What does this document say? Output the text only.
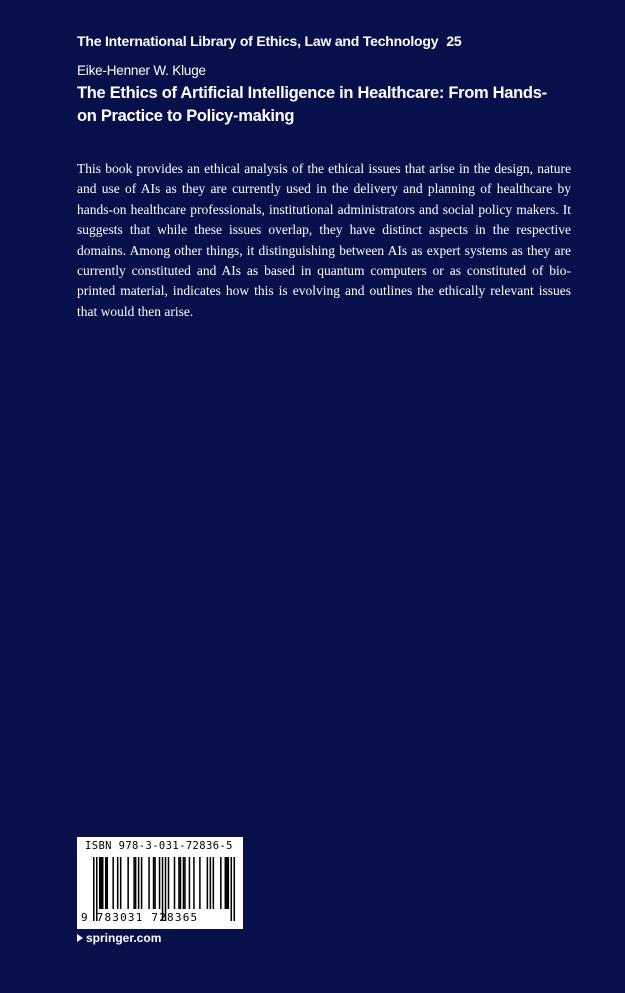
The International Library of Ethics, Law and Technology 25
Eike-Henner W. Kluge
The Ethics of Artificial Intelligence in Healthcare: From Hands-on Practice to Policy-making

This book provides an ethical analysis of the ethical issues that arise in the design, nature and use of AIs as they are currently used in the delivery and planning of healthcare by hands-on healthcare professionals, institutional administrators and social policy makers. It suggests that while these issues overlap, they have distinct aspects in the respective domains. Among other things, it distinguishing between AIs as expert systems as they are currently constituted and AIs as based in quantum computers or as constituted of bio-printed material, indicates how this is evolving and outlines the ethically relevant issues that would then arise.

ISBN 978-3-031-72836-5
9 783031 728365
springer.com
